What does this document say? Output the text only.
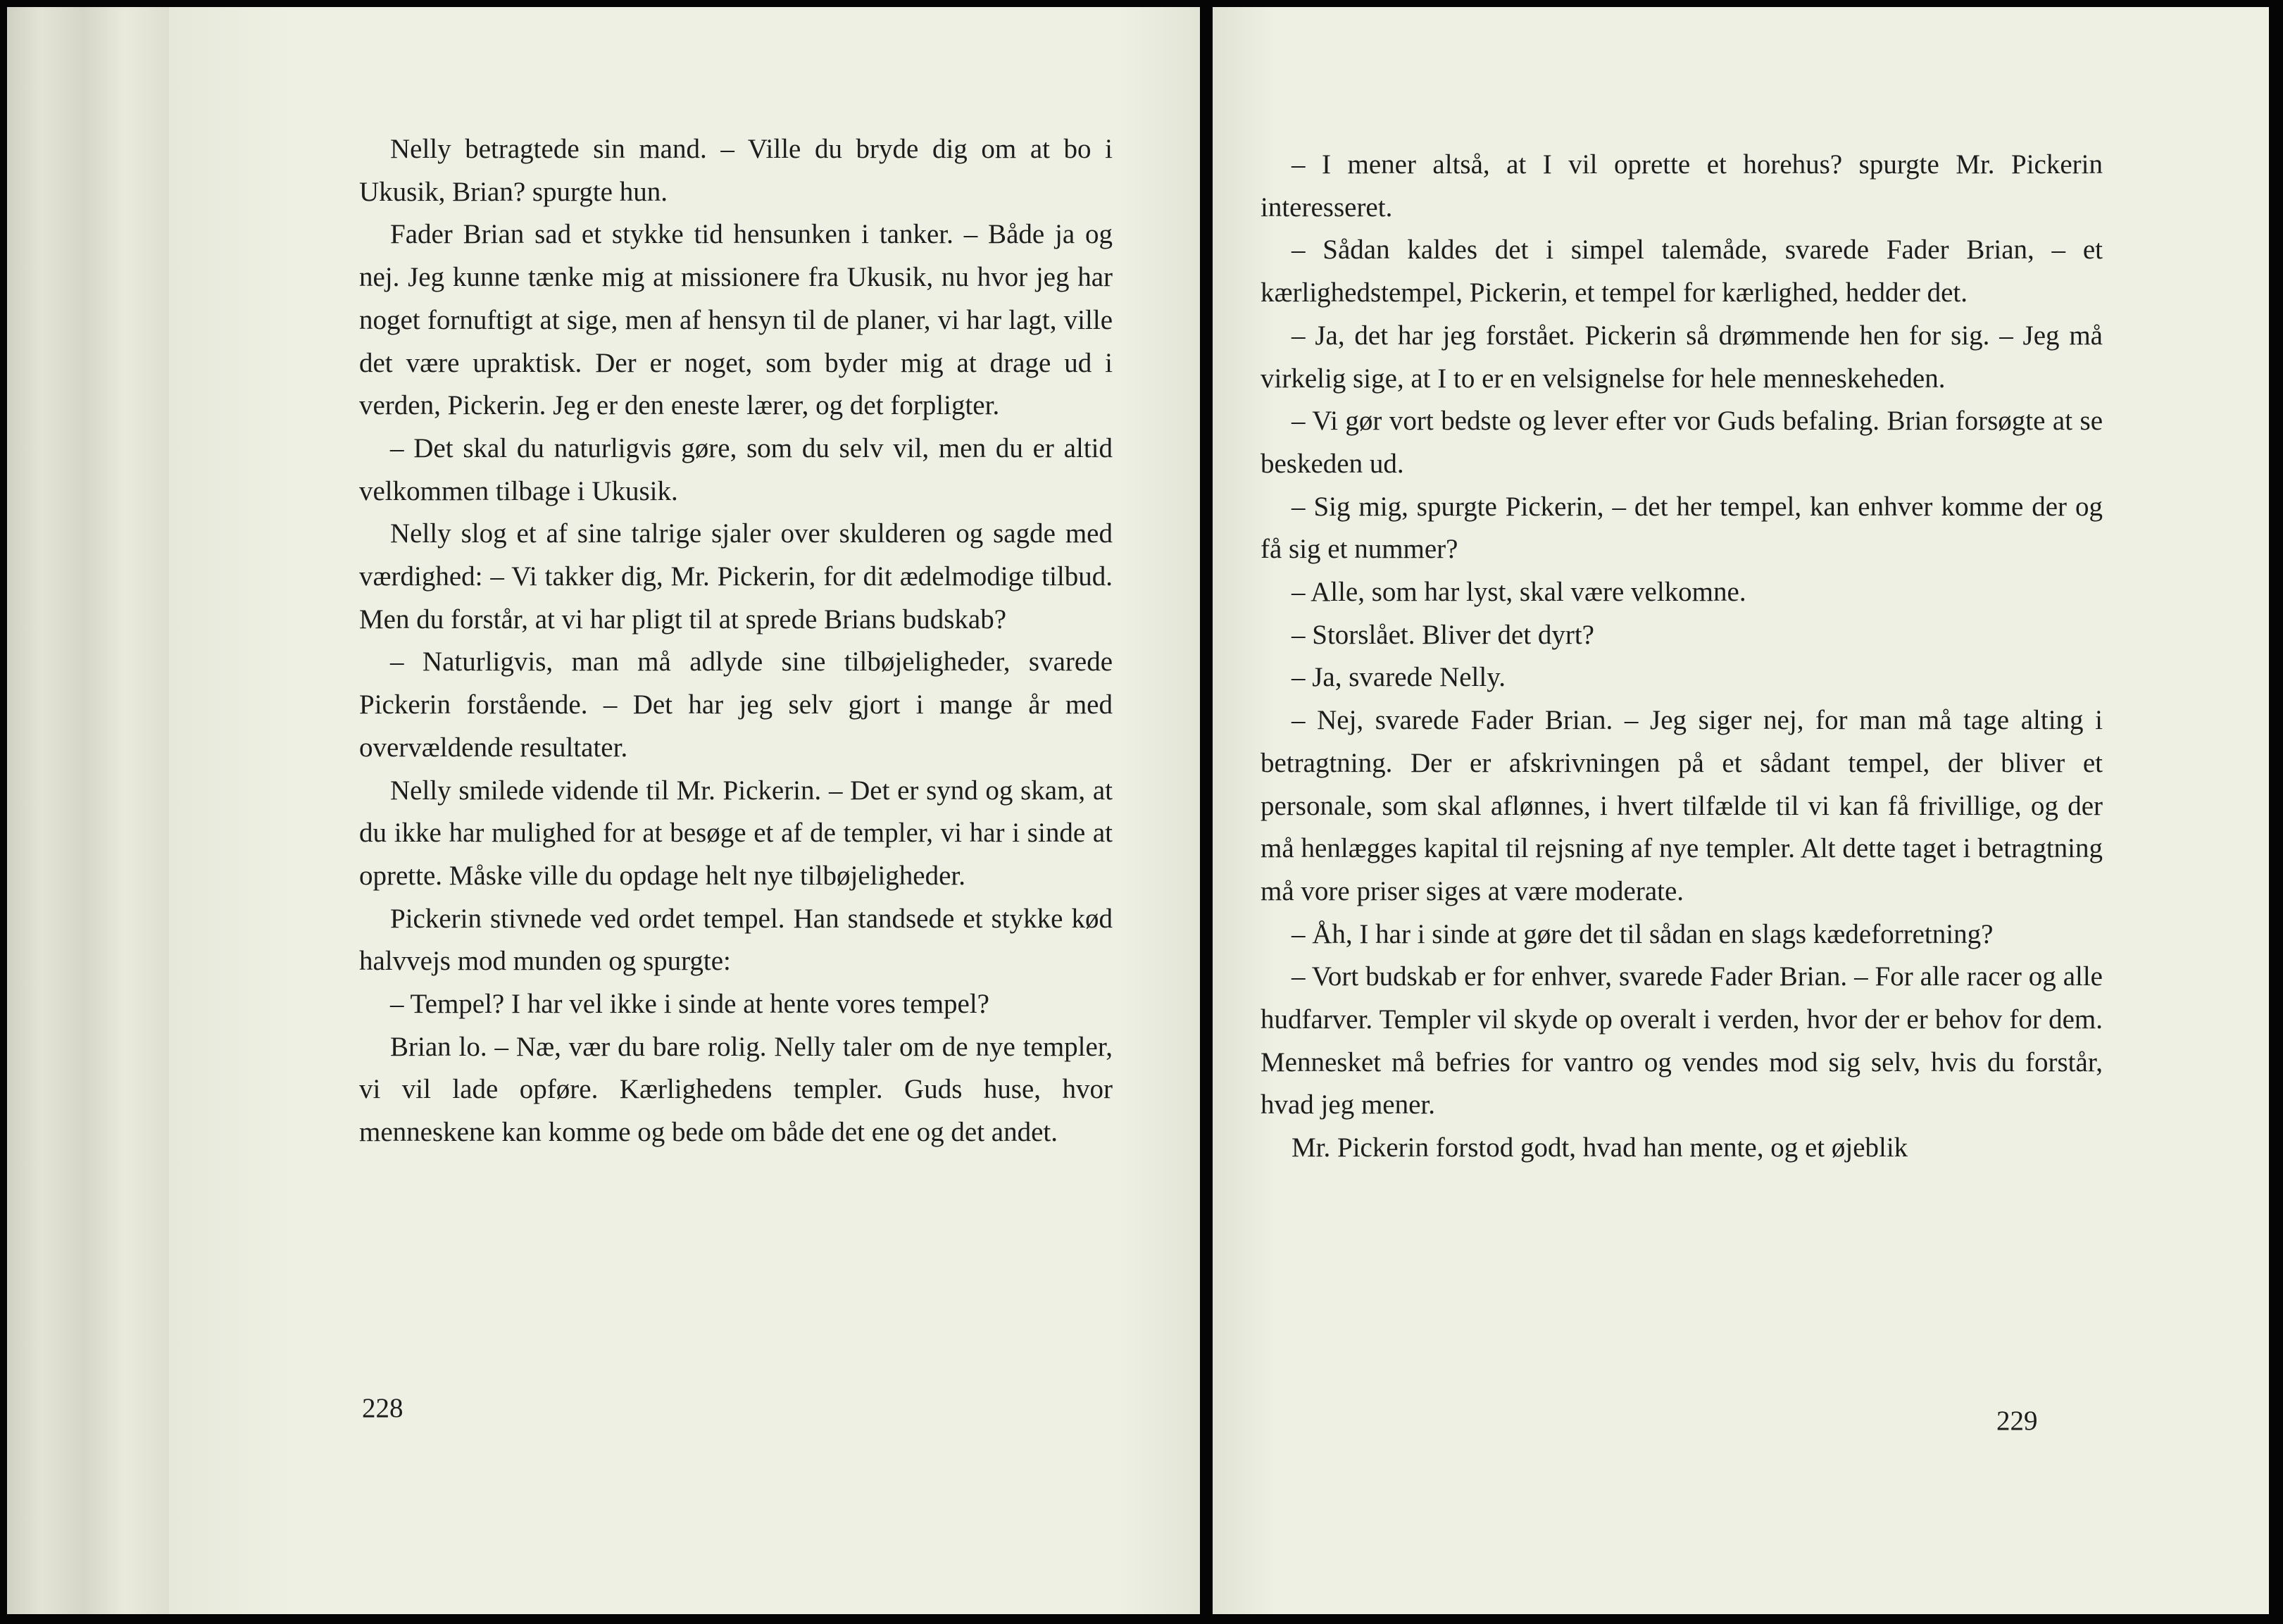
Nelly betragtede sin mand. – Ville du bryde dig om at bo i Ukusik, Brian? spurgte hun.

Fader Brian sad et stykke tid hensunken i tanker. – Både ja og nej. Jeg kunne tænke mig at missionere fra Ukusik, nu hvor jeg har noget fornuftigt at sige, men af hensyn til de planer, vi har lagt, ville det være upraktisk. Der er noget, som byder mig at drage ud i verden, Pickerin. Jeg er den eneste lærer, og det forpligter.

– Det skal du naturligvis gøre, som du selv vil, men du er altid velkommen tilbage i Ukusik.

Nelly slog et af sine talrige sjaler over skulderen og sagde med værdighed: – Vi takker dig, Mr. Pickerin, for dit ædelmodige tilbud. Men du forstår, at vi har pligt til at sprede Brians budskab?

– Naturligvis, man må adlyde sine tilbøjeligheder, svarede Pickerin forstående. – Det har jeg selv gjort i mange år med overvældende resultater.

Nelly smilede vidende til Mr. Pickerin. – Det er synd og skam, at du ikke har mulighed for at besøge et af de templer, vi har i sinde at oprette. Måske ville du opdage helt nye tilbøjeligheder.

Pickerin stivnede ved ordet tempel. Han standsede et stykke kød halvvejs mod munden og spurgte:

– Tempel? I har vel ikke i sinde at hente vores tempel?

Brian lo. – Næ, vær du bare rolig. Nelly taler om de nye templer, vi vil lade opføre. Kærlighedens templer. Guds huse, hvor menneskene kan komme og bede om både det ene og det andet.

228

– I mener altså, at I vil oprette et horehus? spurgte Mr. Pickerin interesseret.

– Sådan kaldes det i simpel talemåde, svarede Fader Brian, – et kærlighedstempel, Pickerin, et tempel for kærlighed, hedder det.

– Ja, det har jeg forstået. Pickerin så drømmende hen for sig. – Jeg må virkelig sige, at I to er en velsignelse for hele menneskeheden.

– Vi gør vort bedste og lever efter vor Guds befaling. Brian forsøgte at se beskeden ud.

– Sig mig, spurgte Pickerin, – det her tempel, kan enhver komme der og få sig et nummer?

– Alle, som har lyst, skal være velkomne.

– Storslået. Bliver det dyrt?

– Ja, svarede Nelly.

– Nej, svarede Fader Brian. – Jeg siger nej, for man må tage alting i betragtning. Der er afskrivningen på et sådant tempel, der bliver et personale, som skal aflønnes, i hvert tilfælde til vi kan få frivillige, og der må henlægges kapital til rejsning af nye templer. Alt dette taget i betragtning må vore priser siges at være moderate.

– Åh, I har i sinde at gøre det til sådan en slags kædeforretning?

– Vort budskab er for enhver, svarede Fader Brian. – For alle racer og alle hudfarver. Templer vil skyde op overalt i verden, hvor der er behov for dem. Mennesket må befries for vantro og vendes mod sig selv, hvis du forstår, hvad jeg mener.

Mr. Pickerin forstod godt, hvad han mente, og et øjeblik

229
